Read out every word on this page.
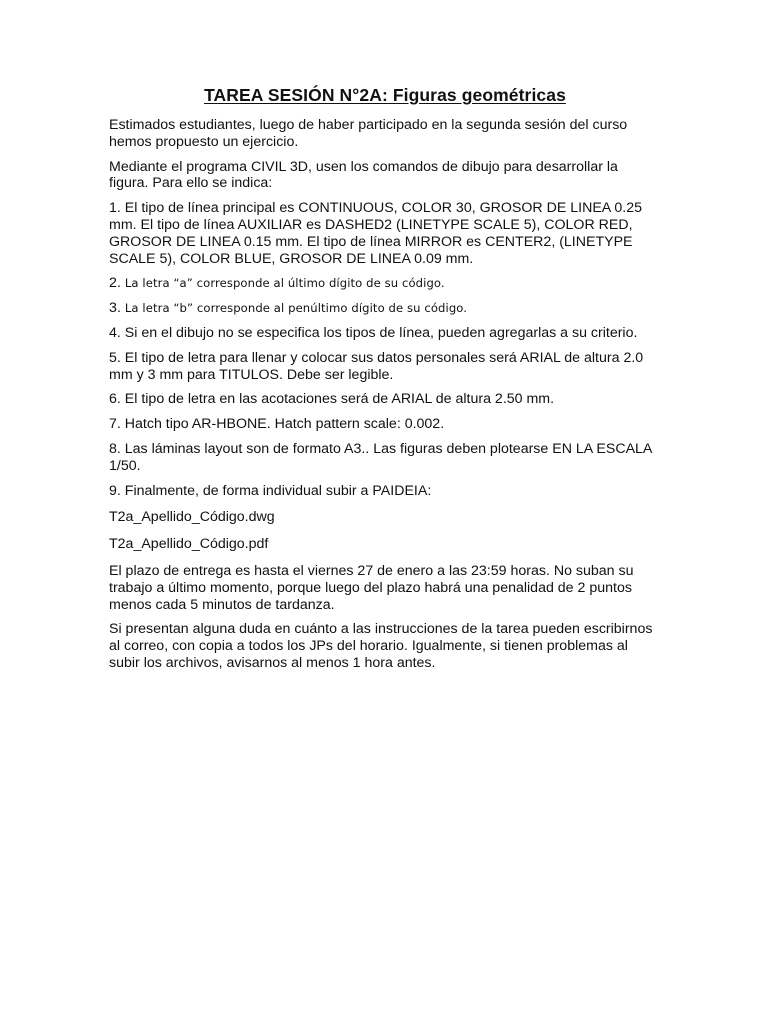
TAREA SESIÓN N°2A: Figuras geométricas

Estimados estudiantes, luego de haber participado en la segunda sesión del curso hemos propuesto un ejercicio.

Mediante el programa CIVIL 3D, usen los comandos de dibujo para desarrollar la figura. Para ello se indica:

1. El tipo de línea principal es CONTINUOUS, COLOR 30, GROSOR DE LINEA 0.25 mm. El tipo de línea AUXILIAR es DASHED2 (LINETYPE SCALE 5), COLOR RED, GROSOR DE LINEA 0.15 mm. El tipo de línea MIRROR es CENTER2, (LINETYPE SCALE 5), COLOR BLUE, GROSOR DE LINEA 0.09 mm.

2. La letra “a” corresponde al último dígito de su código.

3. La letra “b” corresponde al penúltimo dígito de su código.

4. Si en el dibujo no se especifica los tipos de línea, pueden agregarlas a su criterio.

5. El tipo de letra para llenar y colocar sus datos personales será ARIAL de altura 2.0 mm y 3 mm para TITULOS. Debe ser legible.

6. El tipo de letra en las acotaciones será de ARIAL de altura 2.50 mm.

7. Hatch tipo AR-HBONE. Hatch pattern scale: 0.002.

8. Las láminas layout son de formato A3.. Las figuras deben plotearse EN LA ESCALA 1/50.

9. Finalmente, de forma individual subir a PAIDEIA:

T2a_Apellido_Código.dwg

T2a_Apellido_Código.pdf

El plazo de entrega es hasta el viernes 27 de enero a las 23:59 horas. No suban su trabajo a último momento, porque luego del plazo habrá una penalidad de 2 puntos menos cada 5 minutos de tardanza.

Si presentan alguna duda en cuánto a las instrucciones de la tarea pueden escribirnos al correo, con copia a todos los JPs del horario. Igualmente, si tienen problemas al subir los archivos, avisarnos al menos 1 hora antes.
